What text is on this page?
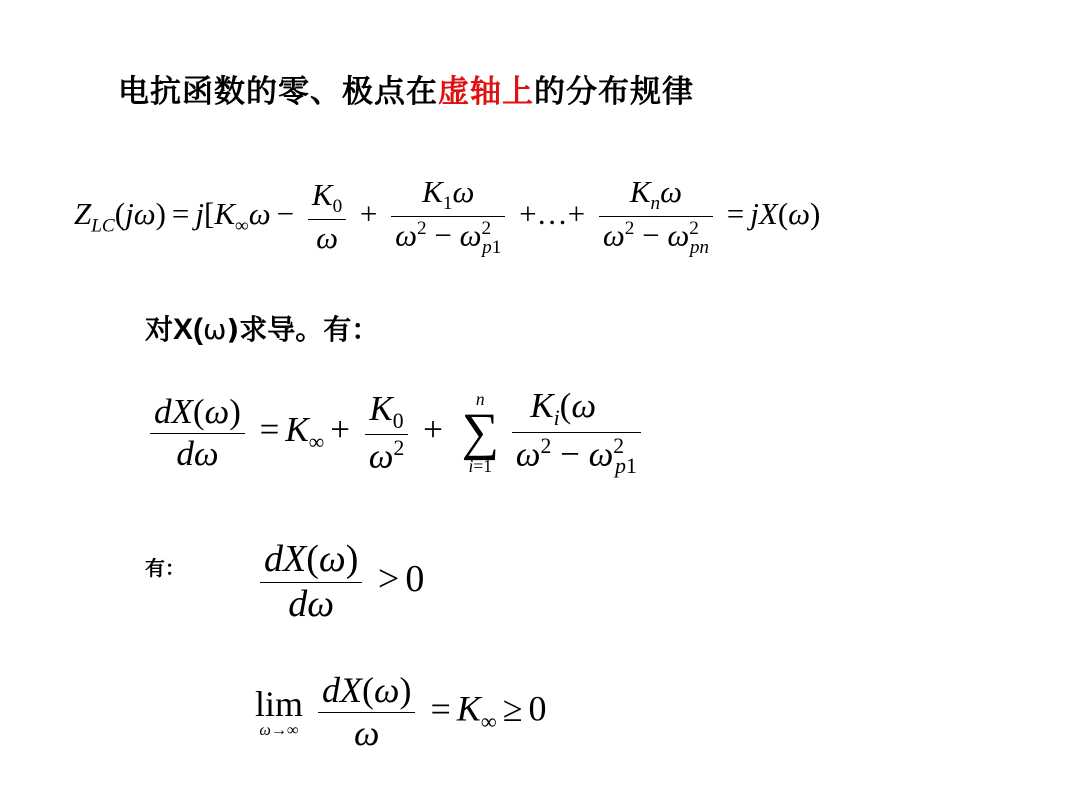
电抗函数的零、极点在虚轴上的分布规律
$Z_{LC}(j\omega) = j[K_\infty\omega - \frac{K_0}{\omega} + \frac{K_1\omega}{\omega^2 - \omega^2_{p1}}$ +…+ $\frac{K_n\omega}{\omega^2 - \omega^2_{pn}} = jX(\omega)$
对X(ω)求导。有：
$\frac{dX(\omega)}{d\omega} = K_\infty + \frac{K_0}{\omega^2}$ +
n
∑
i=1
$\frac{K_i(\omega}{\omega^2 - \omega^2_{p1}}$
有： $\frac{dX(\omega)}{d\omega} > 0$
lim
ω→∞
$\frac{dX(\omega)}{\omega} = K_\infty \ge 0$
